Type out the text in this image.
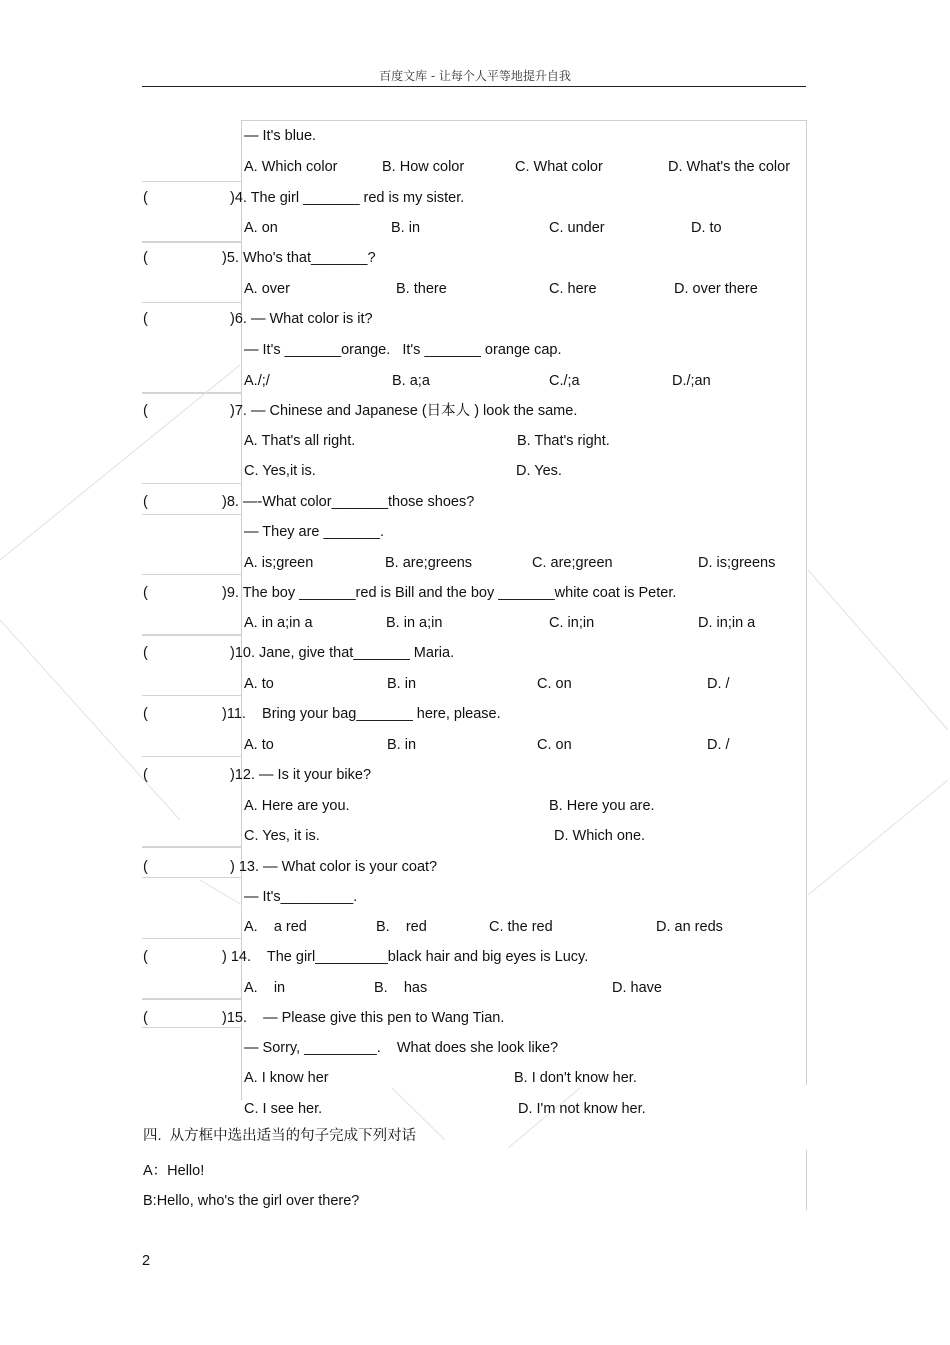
百度文库 - 让每个人平等地提升自我
— It's blue.
A. Which color	B. How color	C. What color	D. What's the color
(	)4. The girl _______ red is my sister.
A. on	B. in	C. under	D. to
(	)5. Who's that_______?
A. over	B. there	C. here	D. over there
(	)6. — What color is it?
— It's _______orange.   It's _______ orange cap.
A./;/	B. a;a	C./;a	D./;an
(	)7. — Chinese and Japanese (日本人 ) look the same.
A. That's all right.	B. That's right.
C. Yes,it is.	D. Yes.
(	)8. —-What color_______those shoes?
— They are _______.
A. is;green	B. are;greens	C. are;green	D. is;greens
(	)9. The boy _______red is Bill and the boy _______white coat is Peter.
A. in a;in a	B. in a;in	C. in;in	D. in;in a
(	)10. Jane, give that_______ Maria.
A. to	B. in	C. on	D. /
(	)11.    Bring your bag_______ here, please.
A. to	B. in	C. on	D. /
(	)12. — Is it your bike?
A. Here are you.	B. Here you are.
C. Yes, it is.	D. Which one.
(	) 13. — What color is your coat?
— It's_________.
A.    a red	B.    red	C. the red	D. an reds
(	) 14.    The girl_________black hair and big eyes is Lucy.
A.    in	B.    has	D. have
(	)15.    — Please give this pen to Wang Tian.
— Sorry, _________.    What does she look like?
A. I know her	B. I don't know her.
C. I see her.	D. I'm not know her.
四.  从方框中选出适当的句子完成下列对话
A：Hello!
B:Hello, who's the girl over there?
2
